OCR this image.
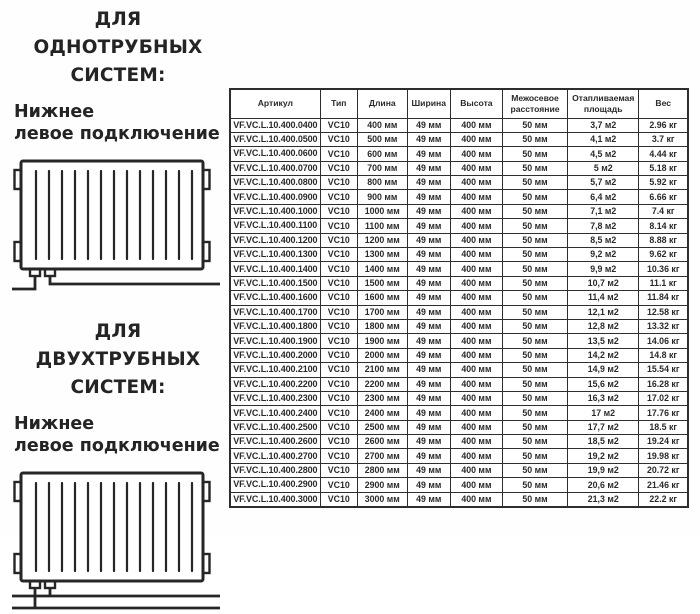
ДЛЯ ОДНОТРУБНЫХ
СИСТЕМ:

Нижнее
левое подключение

ДЛЯ ДВУХТРУБНЫХ
СИСТЕМ:

Нижнее
левое подключение

Артикул	Тип	Длина	Ширина	Высота	Межосевое расстояние	Отапливаемая площадь	Вес
VF.VC.L.10.400.0400	VC10	400 мм	49 мм	400 мм	50 мм	3,7 м2	2.96 кг
VF.VC.L.10.400.0500	VC10	500 мм	49 мм	400 мм	50 мм	4,1 м2	3.7 кг
VF.VC.L.10.400.0600	VC10	600 мм	49 мм	400 мм	50 мм	4,5 м2	4.44 кг
VF.VC.L.10.400.0700	VC10	700 мм	49 мм	400 мм	50 мм	5 м2	5.18 кг
VF.VC.L.10.400.0800	VC10	800 мм	49 мм	400 мм	50 мм	5,7 м2	5.92 кг
VF.VC.L.10.400.0900	VC10	900 мм	49 мм	400 мм	50 мм	6,4 м2	6.66 кг
VF.VC.L.10.400.1000	VC10	1000 мм	49 мм	400 мм	50 мм	7,1 м2	7.4 кг
VF.VC.L.10.400.1100	VC10	1100 мм	49 мм	400 мм	50 мм	7,8 м2	8.14 кг
VF.VC.L.10.400.1200	VC10	1200 мм	49 мм	400 мм	50 мм	8,5 м2	8.88 кг
VF.VC.L.10.400.1300	VC10	1300 мм	49 мм	400 мм	50 мм	9,2 м2	9.62 кг
VF.VC.L.10.400.1400	VC10	1400 мм	49 мм	400 мм	50 мм	9,9 м2	10.36 кг
VF.VC.L.10.400.1500	VC10	1500 мм	49 мм	400 мм	50 мм	10,7 м2	11.1 кг
VF.VC.L.10.400.1600	VC10	1600 мм	49 мм	400 мм	50 мм	11,4 м2	11.84 кг
VF.VC.L.10.400.1700	VC10	1700 мм	49 мм	400 мм	50 мм	12,1 м2	12.58 кг
VF.VC.L.10.400.1800	VC10	1800 мм	49 мм	400 мм	50 мм	12,8 м2	13.32 кг
VF.VC.L.10.400.1900	VC10	1900 мм	49 мм	400 мм	50 мм	13,5 м2	14.06 кг
VF.VC.L.10.400.2000	VC10	2000 мм	49 мм	400 мм	50 мм	14,2 м2	14.8 кг
VF.VC.L.10.400.2100	VC10	2100 мм	49 мм	400 мм	50 мм	14,9 м2	15.54 кг
VF.VC.L.10.400.2200	VC10	2200 мм	49 мм	400 мм	50 мм	15,6 м2	16.28 кг
VF.VC.L.10.400.2300	VC10	2300 мм	49 мм	400 мм	50 мм	16,3 м2	17.02 кг
VF.VC.L.10.400.2400	VC10	2400 мм	49 мм	400 мм	50 мм	17 м2	17.76 кг
VF.VC.L.10.400.2500	VC10	2500 мм	49 мм	400 мм	50 мм	17,7 м2	18.5 кг
VF.VC.L.10.400.2600	VC10	2600 мм	49 мм	400 мм	50 мм	18,5 м2	19.24 кг
VF.VC.L.10.400.2700	VC10	2700 мм	49 мм	400 мм	50 мм	19,2 м2	19.98 кг
VF.VC.L.10.400.2800	VC10	2800 мм	49 мм	400 мм	50 мм	19,9 м2	20.72 кг
VF.VC.L.10.400.2900	VC10	2900 мм	49 мм	400 мм	50 мм	20,6 м2	21.46 кг
VF.VC.L.10.400.3000	VC10	3000 мм	49 мм	400 мм	50 мм	21,3 м2	22.2 кг
